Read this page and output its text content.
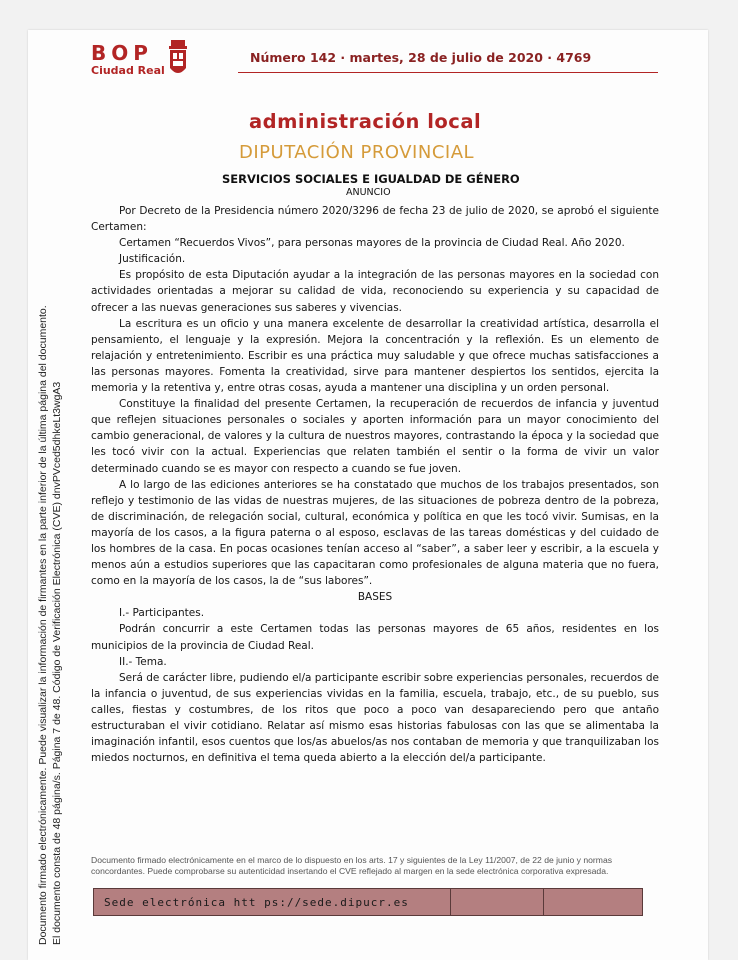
Documento firmado electrónicamente. Puede visualizar la información de firmantes en la parte inferior de la última página del documento. El documento consta de 48 página/s. Página 7 de 48. Código de Verificación Electrónica (CVE) dnvPVced5dhkeLt3wgA3
BOP
Ciudad Real
Número 142 · martes, 28 de julio de 2020 · 4769
administración local
DIPUTACIÓN PROVINCIAL
SERVICIOS SOCIALES E IGUALDAD DE GÉNERO
ANUNCIO

Por Decreto de la Presidencia número 2020/3296 de fecha 23 de julio de 2020, se aprobó el siguiente Certamen:

Certamen “Recuerdos Vivos”, para personas mayores de la provincia de Ciudad Real. Año 2020.

Justificación.

Es propósito de esta Diputación ayudar a la integración de las personas mayores en la sociedad con actividades orientadas a mejorar su calidad de vida, reconociendo su experiencia y su capacidad de ofrecer a las nuevas generaciones sus saberes y vivencias.

La escritura es un oficio y una manera excelente de desarrollar la creatividad artística, desarrolla el pensamiento, el lenguaje y la expresión. Mejora la concentración y la reflexión. Es un elemento de relajación y entretenimiento. Escribir es una práctica muy saludable y que ofrece muchas satisfacciones a las personas mayores. Fomenta la creatividad, sirve para mantener despiertos los sentidos, ejercita la memoria y la retentiva y, entre otras cosas, ayuda a mantener una disciplina y un orden personal.

Constituye la finalidad del presente Certamen, la recuperación de recuerdos de infancia y juventud que reflejen situaciones personales o sociales y aporten información para un mayor conocimiento del cambio generacional, de valores y la cultura de nuestros mayores, contrastando la época y la sociedad que les tocó vivir con la actual. Experiencias que relaten también el sentir o la forma de vivir un valor determinado cuando se es mayor con respecto a cuando se fue joven.

A lo largo de las ediciones anteriores se ha constatado que muchos de los trabajos presentados, son reflejo y testimonio de las vidas de nuestras mujeres, de las situaciones de pobreza dentro de la pobreza, de discriminación, de relegación social, cultural, económica y política en que les tocó vivir. Sumisas, en la mayoría de los casos, a la figura paterna o al esposo, esclavas de las tareas domésticas y del cuidado de los hombres de la casa. En pocas ocasiones tenían acceso al “saber”, a saber leer y escribir, a la escuela y menos aún a estudios superiores que las capacitaran como profesionales de alguna materia que no fuera, como en la mayoría de los casos, la de “sus labores”.

BASES

I.- Participantes.

Podrán concurrir a este Certamen todas las personas mayores de 65 años, residentes en los municipios de la provincia de Ciudad Real.

II.- Tema.

Será de carácter libre, pudiendo el/a participante escribir sobre experiencias personales, recuerdos de la infancia o juventud, de sus experiencias vividas en la familia, escuela, trabajo, etc., de su pueblo, sus calles, fiestas y costumbres, de los ritos que poco a poco van desapareciendo pero que antaño estructuraban el vivir cotidiano. Relatar así mismo esas historias fabulosas con las que se alimentaba la imaginación infantil, esos cuentos que los/as abuelos/as nos contaban de memoria y que tranquilizaban los miedos nocturnos, en definitiva el tema queda abierto a la elección del/a participante.

Documento firmado electrónicamente en el marco de lo dispuesto en los arts. 17 y siguientes de la Ley 11/2007, de 22 de junio y normas concordantes. Puede comprobarse su autenticidad insertando el CVE reflejado al margen en la sede electrónica corporativa expresada.
Sede electrónica htt ps://sede.dipucr.es
